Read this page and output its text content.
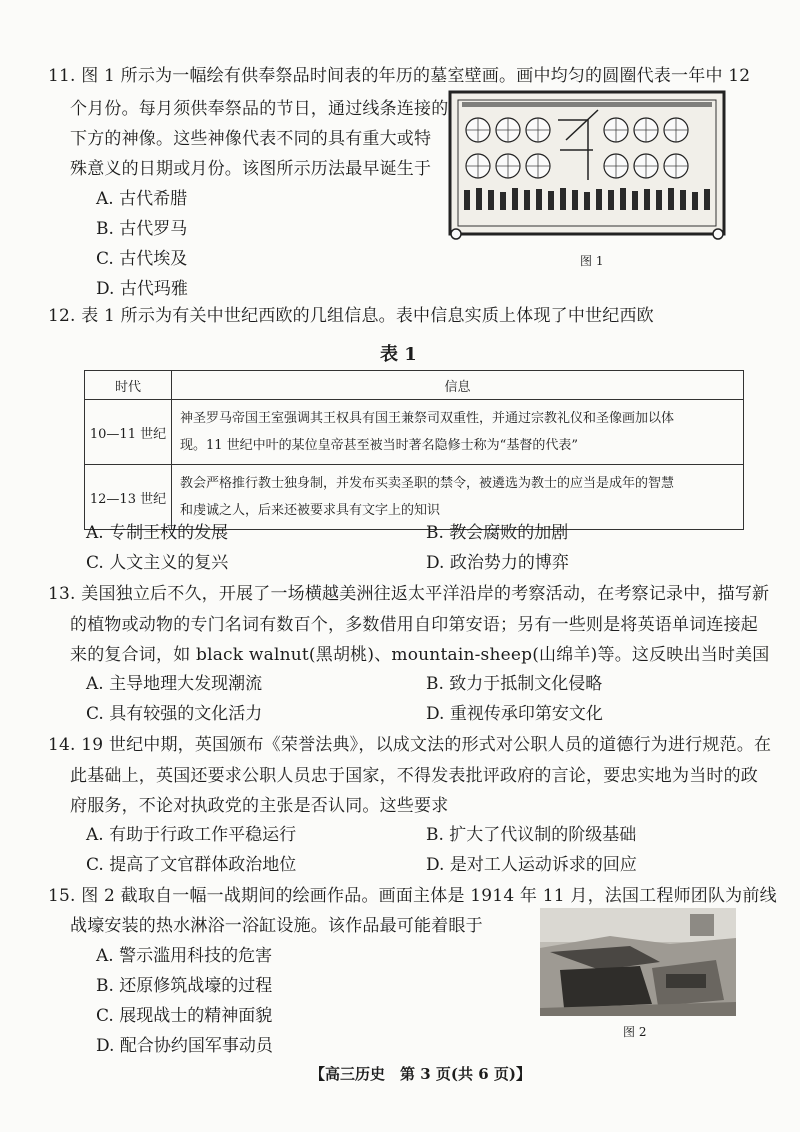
11. 图 1 所示为一幅绘有供奉祭品时间表的年历的墓室壁画。画中均匀的圆圈代表一年中 12
个月份。每月须供奉祭品的节日，通过线条连接的
下方的神像。这些神像代表不同的具有重大或特
殊意义的日期或月份。该图所示历法最早诞生于
A. 古代希腊
B. 古代罗马
C. 古代埃及
D. 古代玛雅
图 1
12. 表 1 所示为有关中世纪西欧的几组信息。表中信息实质上体现了中世纪西欧
表 1
时代	信息
10—11 世纪	神圣罗马帝国王室强调其王权具有国王兼祭司双重性，并通过宗教礼仪和圣像画加以体
现。11 世纪中叶的某位皇帝甚至被当时著名隐修士称为“基督的代表”

12—13 世纪	教会严格推行教士独身制，并发布买卖圣职的禁令，被遴选为教士的应当是成年的智慧
和虔诚之人，后来还被要求具有文字上的知识
A. 专制王权的发展	B. 教会腐败的加剧
C. 人文主义的复兴	D. 政治势力的博弈
13. 美国独立后不久，开展了一场横越美洲往返太平洋沿岸的考察活动，在考察记录中，描写新
的植物或动物的专门名词有数百个，多数借用自印第安语；另有一些则是将英语单词连接起
来的复合词，如 black walnut(黑胡桃)、mountain-sheep(山绵羊)等。这反映出当时美国
A. 主导地理大发现潮流	B. 致力于抵制文化侵略
C. 具有较强的文化活力	D. 重视传承印第安文化
14. 19 世纪中期，英国颁布《荣誉法典》，以成文法的形式对公职人员的道德行为进行规范。在
此基础上，英国还要求公职人员忠于国家，不得发表批评政府的言论，要忠实地为当时的政
府服务，不论对执政党的主张是否认同。这些要求
A. 有助于行政工作平稳运行	B. 扩大了代议制的阶级基础
C. 提高了文官群体政治地位	D. 是对工人运动诉求的回应
15. 图 2 截取自一幅一战期间的绘画作品。画面主体是 1914 年 11 月，法国工程师团队为前线
战壕安装的热水淋浴一浴缸设施。该作品最可能着眼于
A. 警示滥用科技的危害
B. 还原修筑战壕的过程
C. 展现战士的精神面貌
D. 配合协约国军事动员
图 2
【高三历史　第 3 页(共 6 页)】
